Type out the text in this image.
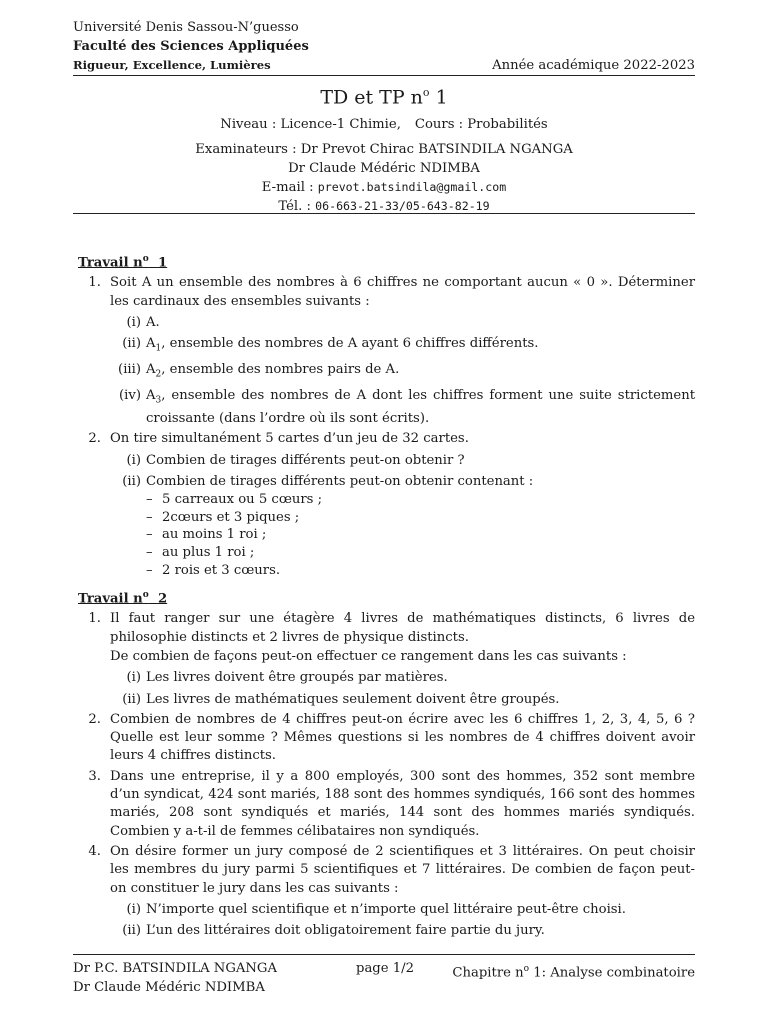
Université Denis Sassou-N’guesso
Faculté des Sciences Appliquées
Rigueur, Excellence, Lumières	Année académique 2022-2023
TD et TP $n^o$ 1
Niveau : Licence-1 Chimie, Cours : Probabilités
Examinateurs : Dr Prevot Chirac BATSINDILA NGANGA
Dr Claude Médéric NDIMBA
E-mail : prevot.batsindila@gmail.com
Tél. : 06-663-21-33/05-643-82-19
Travail $n^o$ 1
1. Soit A un ensemble des nombres à 6 chiffres ne comportant aucun « 0 ». Déterminer les cardinaux des ensembles suivants :
(i) A.
(ii) $A_1$, ensemble des nombres de A ayant 6 chiffres différents.
(iii) $A_2$, ensemble des nombres pairs de A.
(iv) $A_3$, ensemble des nombres de A dont les chiffres forment une suite strictement croissante (dans l’ordre où ils sont écrits).
2. On tire simultanément 5 cartes d’un jeu de 32 cartes.
(i) Combien de tirages différents peut-on obtenir ?
(ii) Combien de tirages différents peut-on obtenir contenant :
– 5 carreaux ou 5 cœurs ;
– 2cœurs et 3 piques ;
– au moins 1 roi ;
– au plus 1 roi ;
– 2 rois et 3 cœurs.
Travail $n^o$ 2
1. Il faut ranger sur une étagère 4 livres de mathématiques distincts, 6 livres de philosophie distincts et 2 livres de physique distincts.
De combien de façons peut-on effectuer ce rangement dans les cas suivants :
(i) Les livres doivent être groupés par matières.
(ii) Les livres de mathématiques seulement doivent être groupés.
2. Combien de nombres de 4 chiffres peut-on écrire avec les 6 chiffres 1, 2, 3, 4, 5, 6 ? Quelle est leur somme ? Mêmes questions si les nombres de 4 chiffres doivent avoir leurs 4 chiffres distincts.
3. Dans une entreprise, il y a 800 employés, 300 sont des hommes, 352 sont membre d’un syndicat, 424 sont mariés, 188 sont des hommes syndiqués, 166 sont des hommes mariés, 208 sont syndiqués et mariés, 144 sont des hommes mariés syndiqués. Combien y a-t-il de femmes célibataires non syndiqués.
4. On désire former un jury composé de 2 scientifiques et 3 littéraires. On peut choisir les membres du jury parmi 5 scientifiques et 7 littéraires. De combien de façon peut-on constituer le jury dans les cas suivants :
(i) N’importe quel scientifique et n’importe quel littéraire peut-être choisi.
(ii) L’un des littéraires doit obligatoirement faire partie du jury.
Dr P.C. BATSINDILA NGANGA
Dr Claude Médéric NDIMBA
page 1/2	Chapitre $n^o$ 1: Analyse combinatoire
